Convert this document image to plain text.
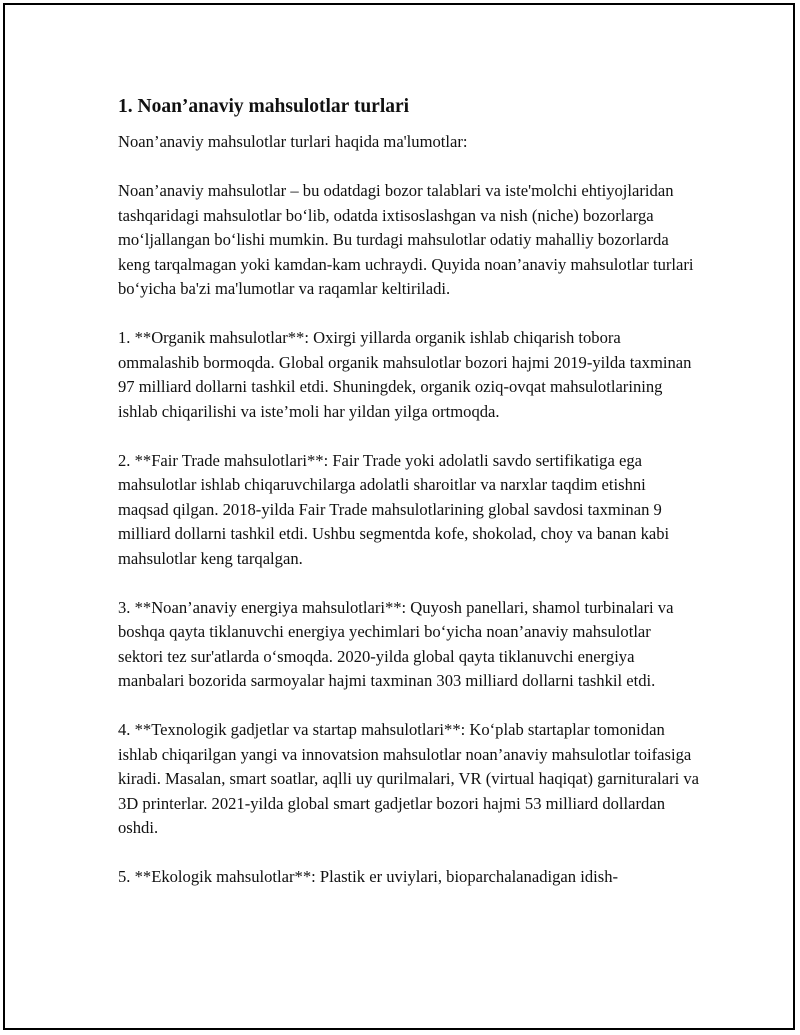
1. Noan’anaviy mahsulotlar turlari

Noan’anaviy mahsulotlar turlari haqida ma'lumotlar:

Noan’anaviy mahsulotlar – bu odatdagi bozor talablari va iste'molchi ehtiyojlaridan tashqaridagi mahsulotlar bo‘lib, odatda ixtisoslashgan va nish (niche) bozorlarga mo‘ljallangan bo‘lishi mumkin. Bu turdagi mahsulotlar odatiy mahalliy bozorlarda keng tarqalmagan yoki kamdan-kam uchraydi. Quyida noan’anaviy mahsulotlar turlari bo‘yicha ba'zi ma'lumotlar va raqamlar keltiriladi.

1. **Organik mahsulotlar**: Oxirgi yillarda organik ishlab chiqarish tobora ommalashib bormoqda. Global organik mahsulotlar bozori hajmi 2019-yilda taxminan 97 milliard dollarni tashkil etdi. Shuningdek, organik oziq-ovqat mahsulotlarining ishlab chiqarilishi va iste’moli har yildan yilga ortmoqda.

2. **Fair Trade mahsulotlari**: Fair Trade yoki adolatli savdo sertifikatiga ega mahsulotlar ishlab chiqaruvchilarga adolatli sharoitlar va narxlar taqdim etishni maqsad qilgan. 2018-yilda Fair Trade mahsulotlarining global savdosi taxminan 9 milliard dollarni tashkil etdi. Ushbu segmentda kofe, shokolad, choy va banan kabi mahsulotlar keng tarqalgan.

3. **Noan’anaviy energiya mahsulotlari**: Quyosh panellari, shamol turbinalari va boshqa qayta tiklanuvchi energiya yechimlari bo‘yicha noan’anaviy mahsulotlar sektori tez sur'atlarda o‘smoqda. 2020-yilda global qayta tiklanuvchi energiya manbalari bozorida sarmoyalar hajmi taxminan 303 milliard dollarni tashkil etdi.

4. **Texnologik gadjetlar va startap mahsulotlari**: Ko‘plab startaplar tomonidan ishlab chiqarilgan yangi va innovatsion mahsulotlar noan’anaviy mahsulotlar toifasiga kiradi. Masalan, smart soatlar, aqlli uy qurilmalari, VR (virtual haqiqat) garnituralari va 3D printerlar. 2021-yilda global smart gadjetlar bozori hajmi 53 milliard dollardan oshdi.

5. **Ekologik mahsulotlar**: Plastik er uviylari, bioparchalanadigan idish-
